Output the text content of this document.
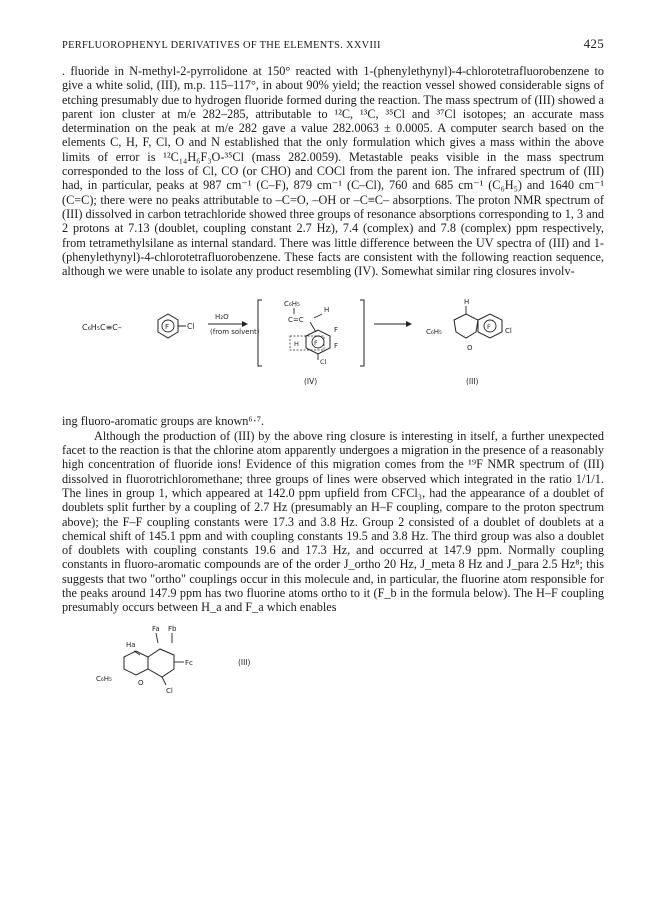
PERFLUOROPHENYL DERIVATIVES OF THE ELEMENTS. XXVIII	425

. fluoride in N-methyl-2-pyrrolidone at 150° reacted with 1-(phenylethynyl)-4-chlorotetrafluorobenzene to give a white solid, (III), m.p. 115–117°, in about 90% yield; the reaction vessel showed considerable signs of etching presumably due to hydrogen fluoride formed during the reaction. The mass spectrum of (III) showed a parent ion cluster at m/e 282–285, attributable to ¹²C, ¹³C, ³⁵Cl and ³⁷Cl isotopes; an accurate mass determination on the peak at m/e 282 gave a value 282.0063 ± 0.0005. A computer search based on the elements C, H, F, Cl, O and N established that the only formulation which gives a mass within the above limits of error is ¹²C₁₄H₆F₃O-³⁵Cl (mass 282.0059). Metastable peaks visible in the mass spectrum corresponded to the loss of Cl, CO (or CHO) and COCl from the parent ion. The infrared spectrum of (III) had, in particular, peaks at 987 cm⁻¹ (C–F), 879 cm⁻¹ (C–Cl), 760 and 685 cm⁻¹ (C₆H₅) and 1640 cm⁻¹ (C=C); there were no peaks attributable to –C=O, –OH or –C≡C– absorptions. The proton NMR spectrum of (III) dissolved in carbon tetrachloride showed three groups of resonance absorptions corresponding to 1, 3 and 2 protons at 7.13 (doublet, coupling constant 2.7 Hz), 7.4 (complex) and 7.8 (complex) ppm respectively, from tetramethylsilane as internal standard. There was little difference between the UV spectra of (III) and 1-(phenylethynyl)-4-chlorotetrafluorobenzene. These facts are consistent with the following reaction sequence, although we were unable to isolate any product resembling (IV). Somewhat similar ring closures involv-

C₆H₅C≡C–	F Cl
H₂O
(from solvent)
C₆H₅
C=C
H
F
F
H	F
Cl
(IV)
H
C₆H₅
F Cl
O
(III)

ing fluoro-aromatic groups are known⁶·⁷.

Although the production of (III) by the above ring closure is interesting in itself, a further unexpected facet to the reaction is that the chlorine atom apparently undergoes a migration in the presence of a reasonably high concentration of fluoride ions! Evidence of this migration comes from the ¹⁹F NMR spectrum of (III) dissolved in fluorotrichloromethane; three groups of lines were observed which integrated in the ratio 1/1/1. The lines in group 1, which appeared at 142.0 ppm upfield from CFCl₃, had the appearance of a doublet of doublets split further by a coupling of 2.7 Hz (presumably an H–F coupling, compare to the proton spectrum above); the F–F coupling constants were 17.3 and 3.8 Hz. Group 2 consisted of a doublet of doublets at a chemical shift of 145.1 ppm and with coupling constants 19.5 and 3.8 Hz. The third group was also a doublet of doublets with coupling constants 19.6 and 17.3 Hz, and occurred at 147.9 ppm. Normally coupling constants in fluoro-aromatic compounds are of the order J_ortho 20 Hz, J_meta 8 Hz and J_para 2.5 Hz⁸; this suggests that two "ortho" couplings occur in this molecule and, in particular, the fluorine atom responsible for the peaks around 147.9 ppm has two fluorine atoms ortho to it (F_b in the formula below). The H–F coupling presumably occurs between H_a and F_a which enables

Fa Fb
Ha
Fc
C₆H₅	O
Cl
(III)
